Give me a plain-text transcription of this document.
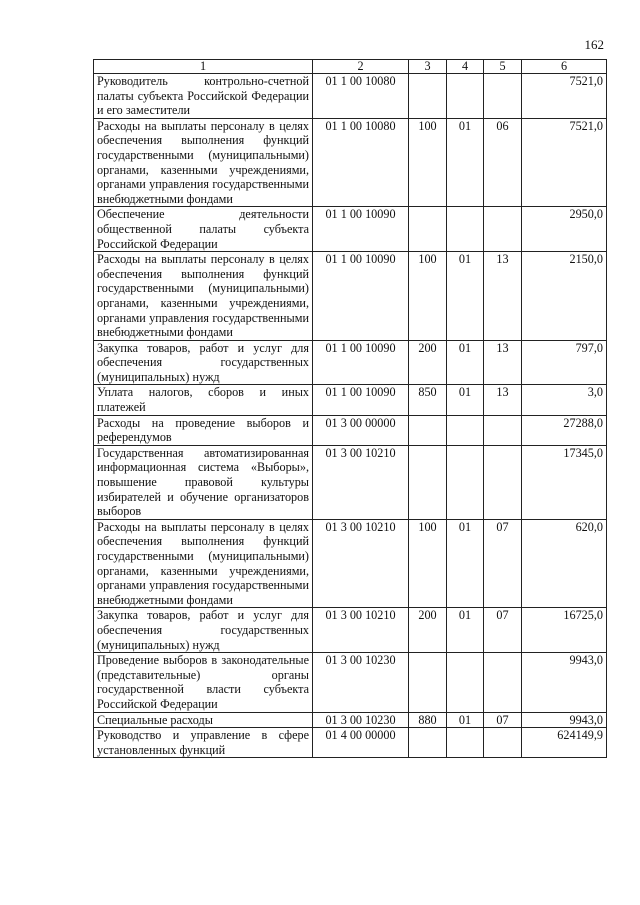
162
1	2	3	4	5	6
Руководитель контрольно-счетной палаты субъекта Российской Федерации и его заместители	01 1 00 10080				7521,0
Расходы на выплаты персоналу в целях обеспечения выполнения функций государственными (муниципальными) органами, казенными учреждениями, органами управления государственными внебюджетными фондами	01 1 00 10080	100	01	06	7521,0
Обеспечение деятельности общественной палаты субъекта Российской Федерации	01 1 00 10090				2950,0
Расходы на выплаты персоналу в целях обеспечения выполнения функций государственными (муниципальными) органами, казенными учреждениями, органами управления государственными внебюджетными фондами	01 1 00 10090	100	01	13	2150,0
Закупка товаров, работ и услуг для обеспечения государственных (муниципальных) нужд	01 1 00 10090	200	01	13	797,0
Уплата налогов, сборов и иных платежей	01 1 00 10090	850	01	13	3,0
Расходы на проведение выборов и референдумов	01 3 00 00000				27288,0
Государственная автоматизированная информационная система «Выборы», повышение правовой культуры избирателей и обучение организаторов выборов	01 3 00 10210				17345,0
Расходы на выплаты персоналу в целях обеспечения выполнения функций государственными (муниципальными) органами, казенными учреждениями, органами управления государственными внебюджетными фондами	01 3 00 10210	100	01	07	620,0
Закупка товаров, работ и услуг для обеспечения государственных (муниципальных) нужд	01 3 00 10210	200	01	07	16725,0
Проведение выборов в законодательные (представительные) органы государственной власти субъекта Российской Федерации	01 3 00 10230				9943,0
Специальные расходы	01 3 00 10230	880	01	07	9943,0
Руководство и управление в сфере установленных функций	01 4 00 00000				624149,9
